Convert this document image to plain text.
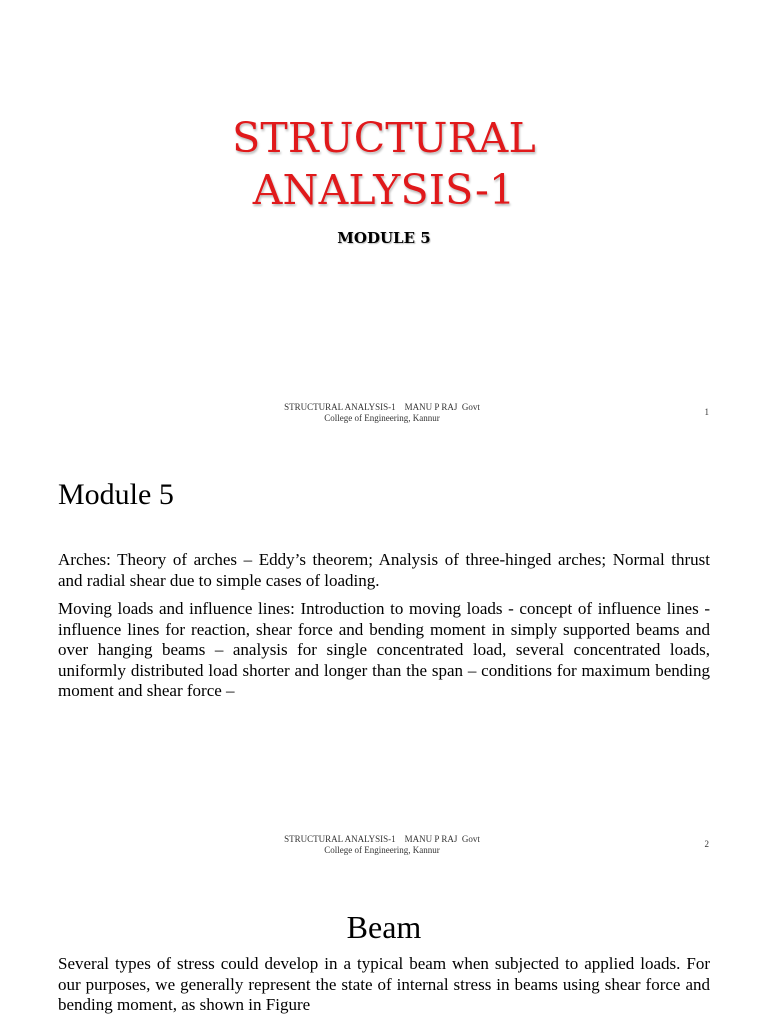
STRUCTURAL
ANALYSIS-1
MODULE 5
STRUCTURAL ANALYSIS-1    MANU P RAJ  Govt
College of Engineering, Kannur
1
Module 5
Arches: Theory of arches – Eddy’s theorem; Analysis of three-hinged arches; Normal thrust and radial shear due to simple cases of loading.
Moving loads and influence lines: Introduction to moving loads - concept of influence lines - influence lines for reaction, shear force and bending moment in simply supported beams and over hanging beams – analysis for single concentrated load, several concentrated loads, uniformly distributed load shorter and longer than the span – conditions for maximum bending moment and shear force –
STRUCTURAL ANALYSIS-1    MANU P RAJ  Govt
College of Engineering, Kannur
2
Beam
Several types of stress could develop in a typical beam when subjected to applied loads. For our purposes, we generally represent the state of internal stress in beams using shear force and bending moment, as shown in Figure
